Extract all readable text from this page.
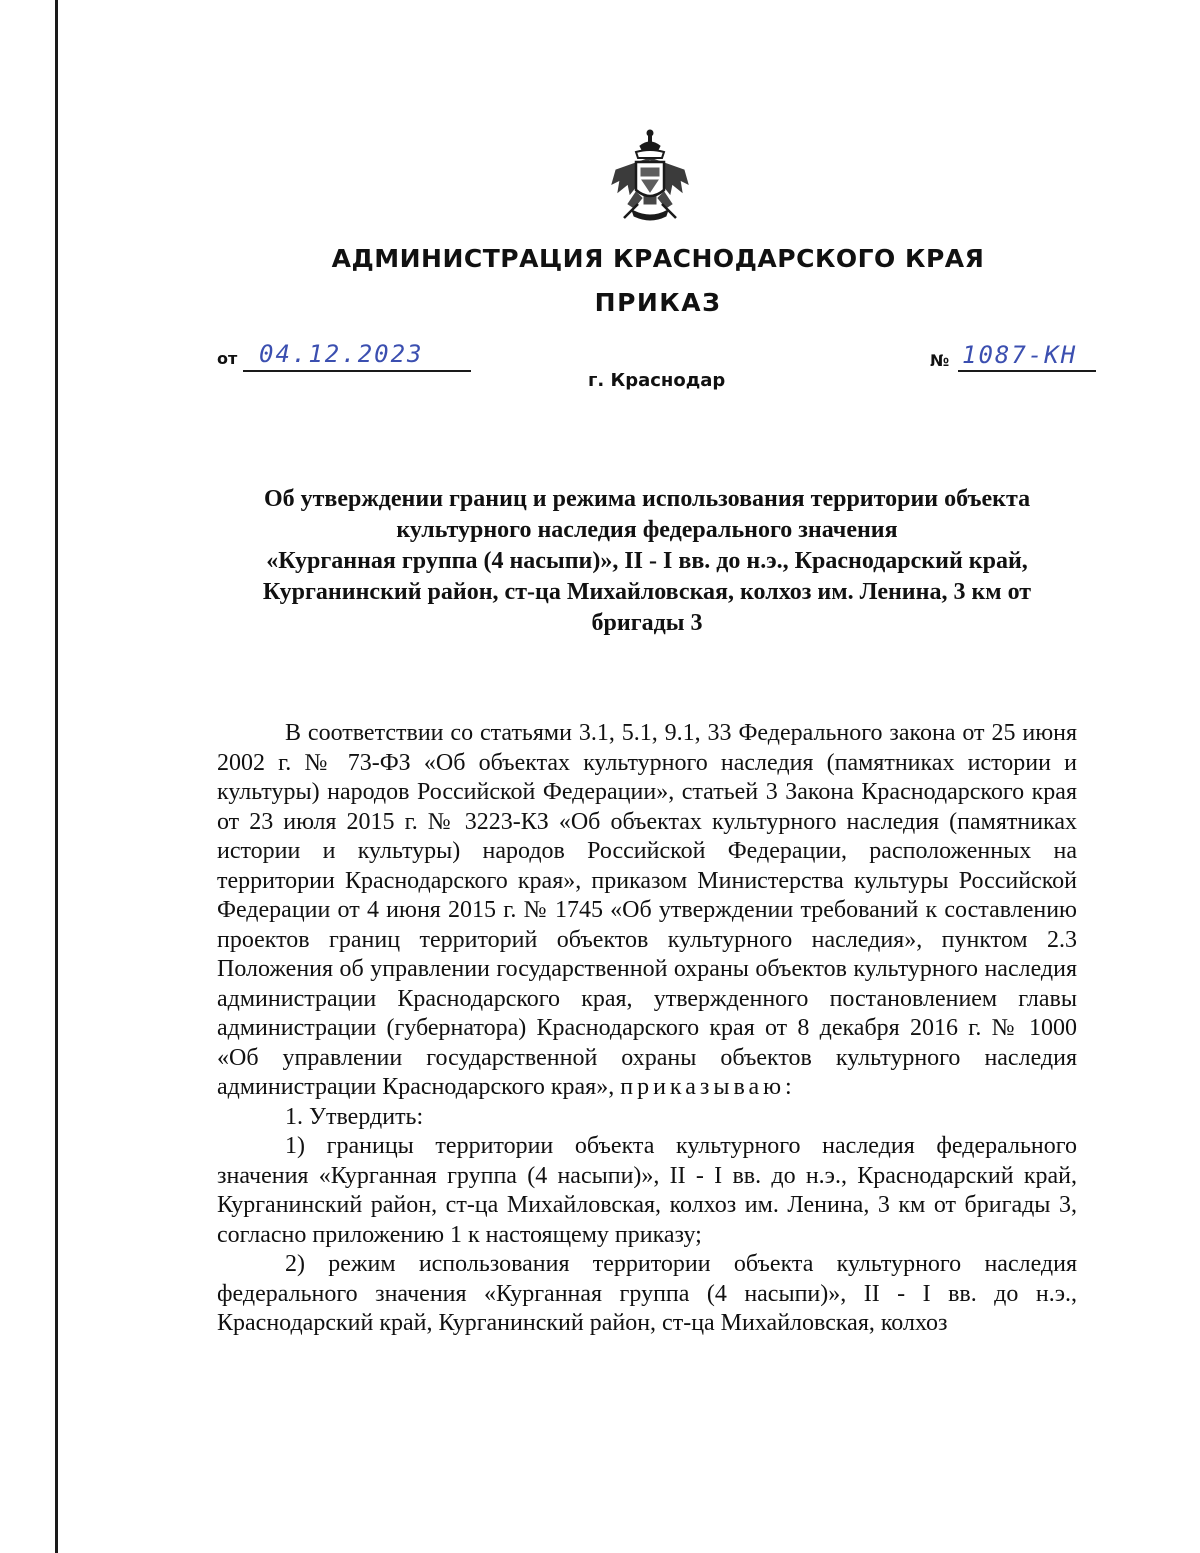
АДМИНИСТРАЦИЯ КРАСНОДАРСКОГО КРАЯ
ПРИКАЗ
от 04.12.2023	№ 1087-КН
г. Краснодар
Об утверждении границ и режима использования территории объекта
культурного наследия федерального значения
«Курганная группа (4 насыпи)», II - I вв. до н.э., Краснодарский край,
Курганинский район, ст-ца Михайловская, колхоз им. Ленина, 3 км от
бригады 3

В соответствии со статьями 3.1, 5.1, 9.1, 33 Федерального закона от 25 июня 2002 г. № 73-ФЗ «Об объектах культурного наследия (памятниках истории и культуры) народов Российской Федерации», статьей 3 Закона Краснодарского края от 23 июля 2015 г. № 3223-КЗ «Об объектах культурного наследия (памятниках истории и культуры) народов Российской Федерации, расположенных на территории Краснодарского края», приказом Министерства культуры Российской Федерации от 4 июня 2015 г. № 1745 «Об утверждении требований к составлению проектов границ территорий объектов культурного наследия», пунктом 2.3 Положения об управлении государственной охраны объектов культурного наследия администрации Краснодарского края, утвержденного постановлением главы администрации (губернатора) Краснодарского края от 8 декабря 2016 г. № 1000 «Об управлении государственной охраны объектов культурного наследия администрации Краснодарского края», приказываю:

1. Утвердить:

1) границы территории объекта культурного наследия федерального значения «Курганная группа (4 насыпи)», II - I вв. до н.э., Краснодарский край, Курганинский район, ст-ца Михайловская, колхоз им. Ленина, 3 км от бригады 3, согласно приложению 1 к настоящему приказу;

2) режим использования территории объекта культурного наследия федерального значения «Курганная группа (4 насыпи)», II - I вв. до н.э., Краснодарский край, Курганинский район, ст-ца Михайловская, колхоз
